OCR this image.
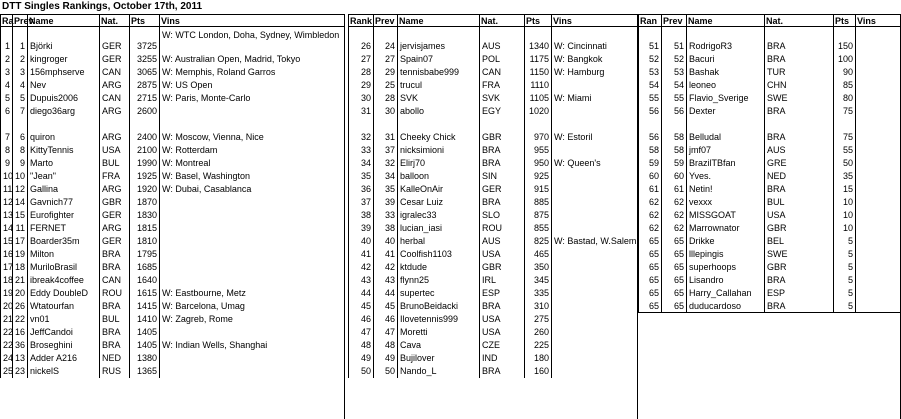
DTT Singles Rankings, October 17th, 2011
Ra Prev
Name	Nat.	Pts	Vins
1	1 Björki	GER	3725
W: WTC London, Doha, Sydney, Wimbledon
2	2 kingroger	GER	3255 W: Australian Open, Madrid, Tokyo
3	3 156mphserve	CAN	3065 W: Memphis, Roland Garros
4	4 Nev	ARG	2875 W: US Open
5	5 Dupuis2006	CAN	2715 W: Paris, Monte-Carlo
6	7 diego36arg	ARG	2600
7	6 quiron	ARG	2400 W: Moscow, Vienna, Nice
8	8 KittyTennis	USA	2100 W: Rotterdam
9	9 Marto	BUL	1990 W: Montreal
10 10 "Jean"	FRA	1925 W: Basel, Washington
11 12 Gallina	ARG	1920 W: Dubai, Casablanca
12 14 Gavnich77	GBR	1870
13 15 Eurofighter	GER	1830
14 11 FERNET	ARG	1815
15 17 Boarder35m	GER	1810
16 19 Milton	BRA	1795
17 18 MuriloBrasil	BRA	1685
18 21 ibreak4coffee	CAN	1640
19 20 Eddy DoubleD	ROU	1615 W: Eastbourne, Metz
20 26 Wtatourfan	BRA	1415 W: Barcelona, Umag
21 22 vn01	BUL	1410 W: Zagreb, Rome
22 16 JeffCandoi	BRA	1405
22 36 Broseghini	BRA	1405 W: Indian Wells, Shanghai
24 13 Adder A216	NED	1380
25 23 nickelS	RUS	1365
Rank Prev Name	Nat.	Pts	Vins
26	24 jervisjames	AUS	1340 W: Cincinnati
27	27 Spain07	POL	1175 W: Bangkok
28	29 tennisbabe999	CAN	1150 W: Hamburg
29	25 trucul	FRA	1110
30	28 SVK	SVK	1105 W: Miami
31	30 abollo	EGY	1020
32	31 Cheeky Chick	GBR	970 W: Estoril
33	37 nicksimioni	BRA	955
34	32 Elirj70	BRA	950 W: Queen's
35	34 balloon	SIN	925
36	35 KalleOnAir	GER	915
37	39 Cesar Luiz	BRA	885
38	33 igralec33	SLO	875
39	38 lucian_iasi	ROU	855
40	40 herbal	AUS	825 W: Bastad, W.Salem
41	41 Coolfish1103	USA	465
42	42 ktdude	GBR	350
43	43 flynn25	IRL	345
44	44 supertec	ESP	335
45	45 BrunoBeidacki	BRA	310
46	46 Ilovetennis999	USA	275
47	47 Moretti	USA	260
48	48 Cava	CZE	225
49	49 Bujilover	IND	180
50	50 Nando_L	BRA	160
Ran Prev Name	Nat.	Pts Vins
51	51 RodrigoR3	BRA	150
52	52 Bacuri	BRA	100
53	53 Bashak	TUR	90
54	54 leoneo	CHN	85
55	55 Flavio_Sverige	SWE	80
56	56 Dexter	BRA	75
56	58 Belludal	BRA	75
58	58 jmf07	AUS	55
59	59 BrazilTBfan	GRE	50
60	60 Yves.	NED	35
61	61 Netin!	BRA	15
62	62 vexxx	BUL	10
62	62 MISSGOAT	USA	10
62	62 Marrownator	GBR	10
65	65 Drikke	BEL	5
65	65 lllepingis	SWE	5
65	65 superhoops	GBR	5
65	65 Lisandro	BRA	5
65	65 Harry_Callahan	ESP	5
65	65 duducardoso	BRA	5
